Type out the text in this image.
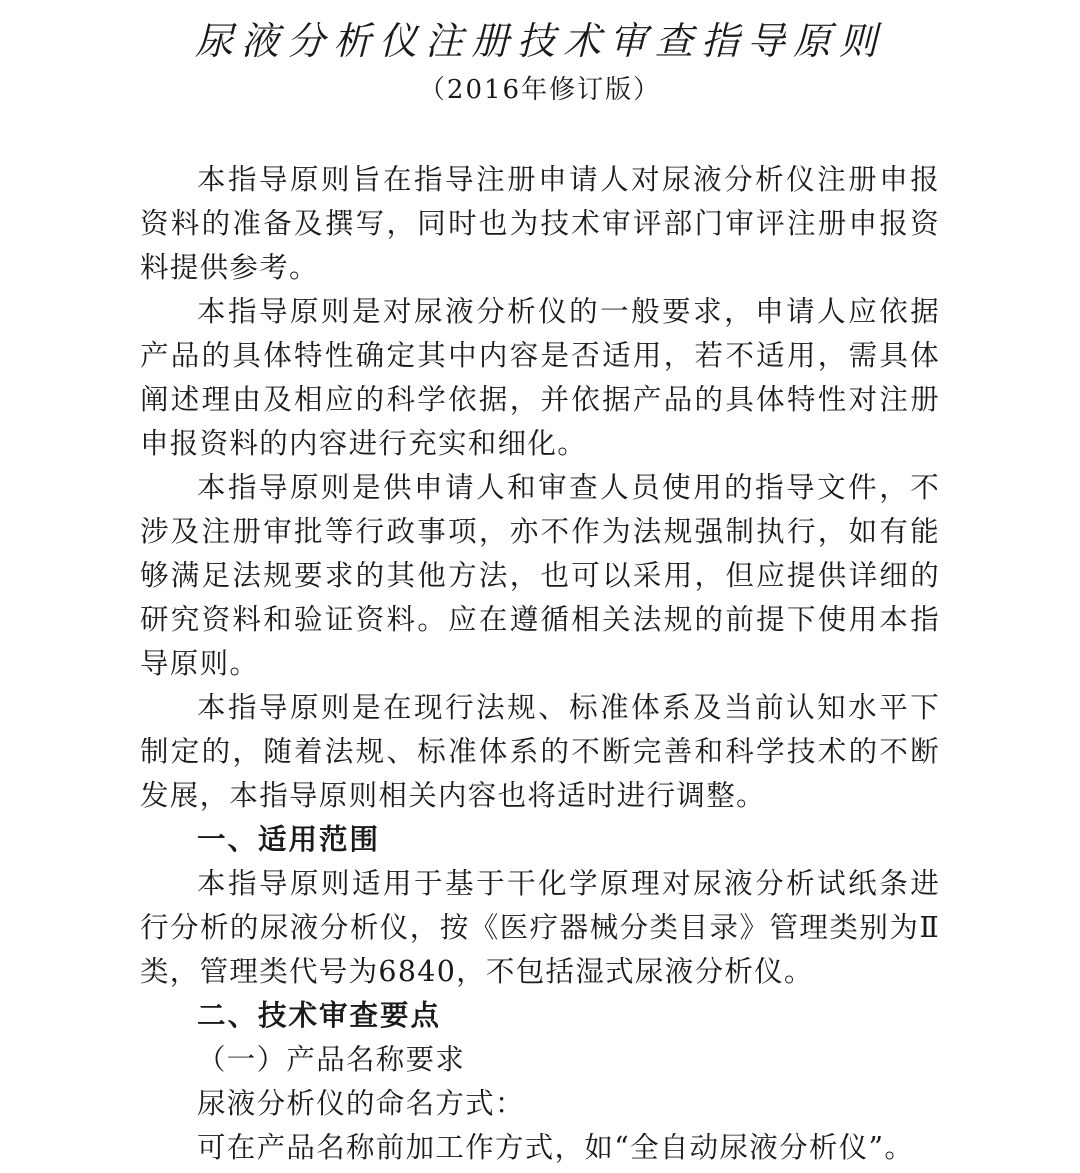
尿液分析仪注册技术审查指导原则
（2016年修订版）

本指导原则旨在指导注册申请人对尿液分析仪注册申报资料的准备及撰写，同时也为技术审评部门审评注册申报资料提供参考。

本指导原则是对尿液分析仪的一般要求，申请人应依据产品的具体特性确定其中内容是否适用，若不适用，需具体阐述理由及相应的科学依据，并依据产品的具体特性对注册申报资料的内容进行充实和细化。

本指导原则是供申请人和审查人员使用的指导文件，不涉及注册审批等行政事项，亦不作为法规强制执行，如有能够满足法规要求的其他方法，也可以采用，但应提供详细的研究资料和验证资料。应在遵循相关法规的前提下使用本指导原则。

本指导原则是在现行法规、标准体系及当前认知水平下制定的，随着法规、标准体系的不断完善和科学技术的不断发展，本指导原则相关内容也将适时进行调整。

一、适用范围

本指导原则适用于基于干化学原理对尿液分析试纸条进行分析的尿液分析仪，按《医疗器械分类目录》管理类别为Ⅱ类，管理类代号为6840，不包括湿式尿液分析仪。

二、技术审查要点

（一）产品名称要求

尿液分析仪的命名方式：

可在产品名称前加工作方式，如“全自动尿液分析仪”。
